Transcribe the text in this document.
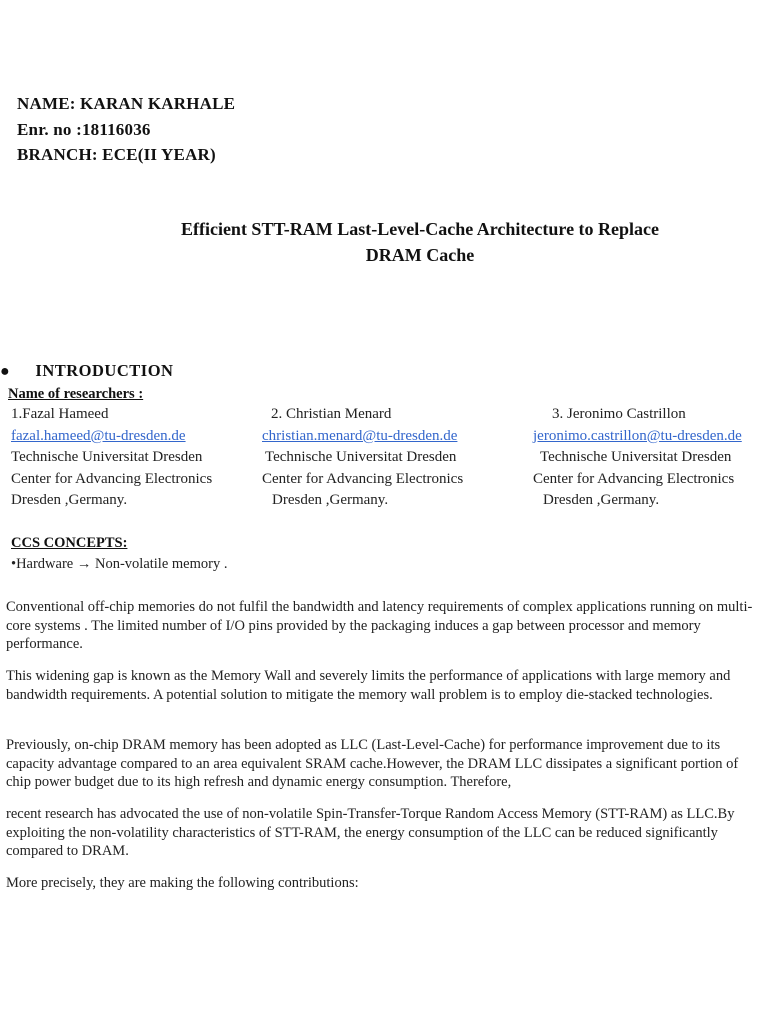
NAME: KARAN KARHALE
Enr. no :18116036
BRANCH: ECE(II YEAR)
Efficient STT-RAM Last-Level-Cache Architecture to Replace
DRAM Cache
● INTRODUCTION
Name of researchers :
1.Fazal Hameed
fazal.hameed@tu-dresden.de
Technische Universitat Dresden
Center for Advancing Electronics
Dresden ,Germany.
2. Christian Menard
christian.menard@tu-dresden.de
Technische Universitat Dresden
Center for Advancing Electronics
Dresden ,Germany.
3. Jeronimo Castrillon
jeronimo.castrillon@tu-dresden.de
Technische Universitat Dresden
Center for Advancing Electronics
Dresden ,Germany.
CCS CONCEPTS:
•Hardware → Non-volatile memory .

Conventional off-chip memories do not fulfil the bandwidth and latency requirements of complex applications running on multi-core systems . The limited number of I/O pins provided by the packaging induces a gap between processor and memory performance.

This widening gap is known as the Memory Wall and severely limits the performance of applications with large memory and bandwidth requirements. A potential solution to mitigate the memory wall problem is to employ die-stacked technologies.

Previously, on-chip DRAM memory has been adopted as LLC (Last-Level-Cache) for performance improvement due to its capacity advantage compared to an area equivalent SRAM cache.However, the DRAM LLC dissipates a significant portion of chip power budget due to its high refresh and dynamic energy consumption. Therefore,

recent research has advocated the use of non-volatile Spin-Transfer-Torque Random Access Memory (STT-RAM) as LLC.By exploiting the non-volatility characteristics of STT-RAM, the energy consumption of the LLC can be reduced significantly compared to DRAM.

More precisely, they are making the following contributions:
